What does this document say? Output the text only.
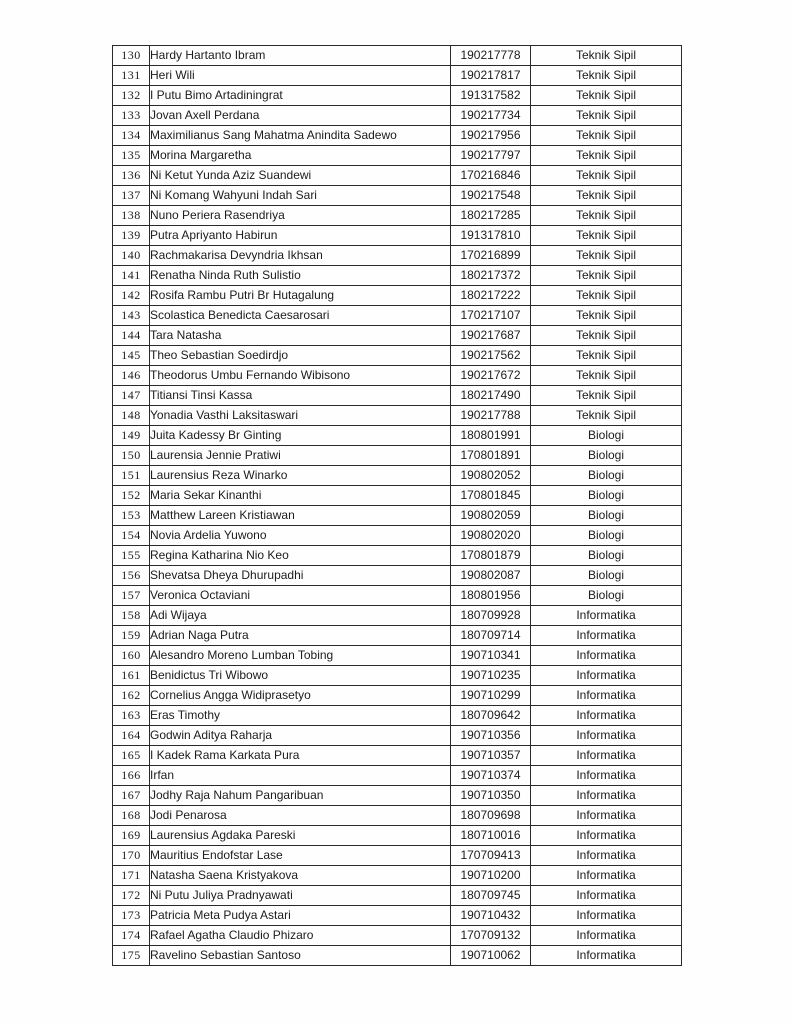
130	Hardy Hartanto Ibram	190217778	Teknik Sipil
131	Heri Wili	190217817	Teknik Sipil
132	I Putu Bimo Artadiningrat	191317582	Teknik Sipil
133	Jovan Axell Perdana	190217734	Teknik Sipil
134	Maximilianus Sang Mahatma Anindita Sadewo	190217956	Teknik Sipil
135	Morina Margaretha	190217797	Teknik Sipil
136	Ni Ketut Yunda Aziz Suandewi	170216846	Teknik Sipil
137	Ni Komang Wahyuni Indah Sari	190217548	Teknik Sipil
138	Nuno Periera Rasendriya	180217285	Teknik Sipil
139	Putra Apriyanto Habirun	191317810	Teknik Sipil
140	Rachmakarisa Devyndria Ikhsan	170216899	Teknik Sipil
141	Renatha Ninda Ruth Sulistio	180217372	Teknik Sipil
142	Rosifa Rambu Putri Br Hutagalung	180217222	Teknik Sipil
143	Scolastica Benedicta Caesarosari	170217107	Teknik Sipil
144	Tara Natasha	190217687	Teknik Sipil
145	Theo Sebastian Soedirdjo	190217562	Teknik Sipil
146	Theodorus Umbu Fernando Wibisono	190217672	Teknik Sipil
147	Titiansi Tinsi Kassa	180217490	Teknik Sipil
148	Yonadia Vasthi Laksitaswari	190217788	Teknik Sipil
149	Juita Kadessy Br Ginting	180801991	Biologi
150	Laurensia Jennie Pratiwi	170801891	Biologi
151	Laurensius Reza Winarko	190802052	Biologi
152	Maria Sekar Kinanthi	170801845	Biologi
153	Matthew Lareen Kristiawan	190802059	Biologi
154	Novia Ardelia Yuwono	190802020	Biologi
155	Regina Katharina Nio Keo	170801879	Biologi
156	Shevatsa Dheya Dhurupadhi	190802087	Biologi
157	Veronica Octaviani	180801956	Biologi
158	Adi Wijaya	180709928	Informatika
159	Adrian Naga Putra	180709714	Informatika
160	Alesandro Moreno Lumban Tobing	190710341	Informatika
161	Benidictus Tri Wibowo	190710235	Informatika
162	Cornelius Angga Widiprasetyo	190710299	Informatika
163	Eras Timothy	180709642	Informatika
164	Godwin Aditya Raharja	190710356	Informatika
165	I Kadek Rama Karkata Pura	190710357	Informatika
166	Irfan	190710374	Informatika
167	Jodhy Raja Nahum Pangaribuan	190710350	Informatika
168	Jodi Penarosa	180709698	Informatika
169	Laurensius Agdaka Pareski	180710016	Informatika
170	Mauritius Endofstar Lase	170709413	Informatika
171	Natasha Saena Kristyakova	190710200	Informatika
172	Ni Putu Juliya Pradnyawati	180709745	Informatika
173	Patricia Meta Pudya Astari	190710432	Informatika
174	Rafael Agatha Claudio Phizaro	170709132	Informatika
175	Ravelino Sebastian Santoso	190710062	Informatika
